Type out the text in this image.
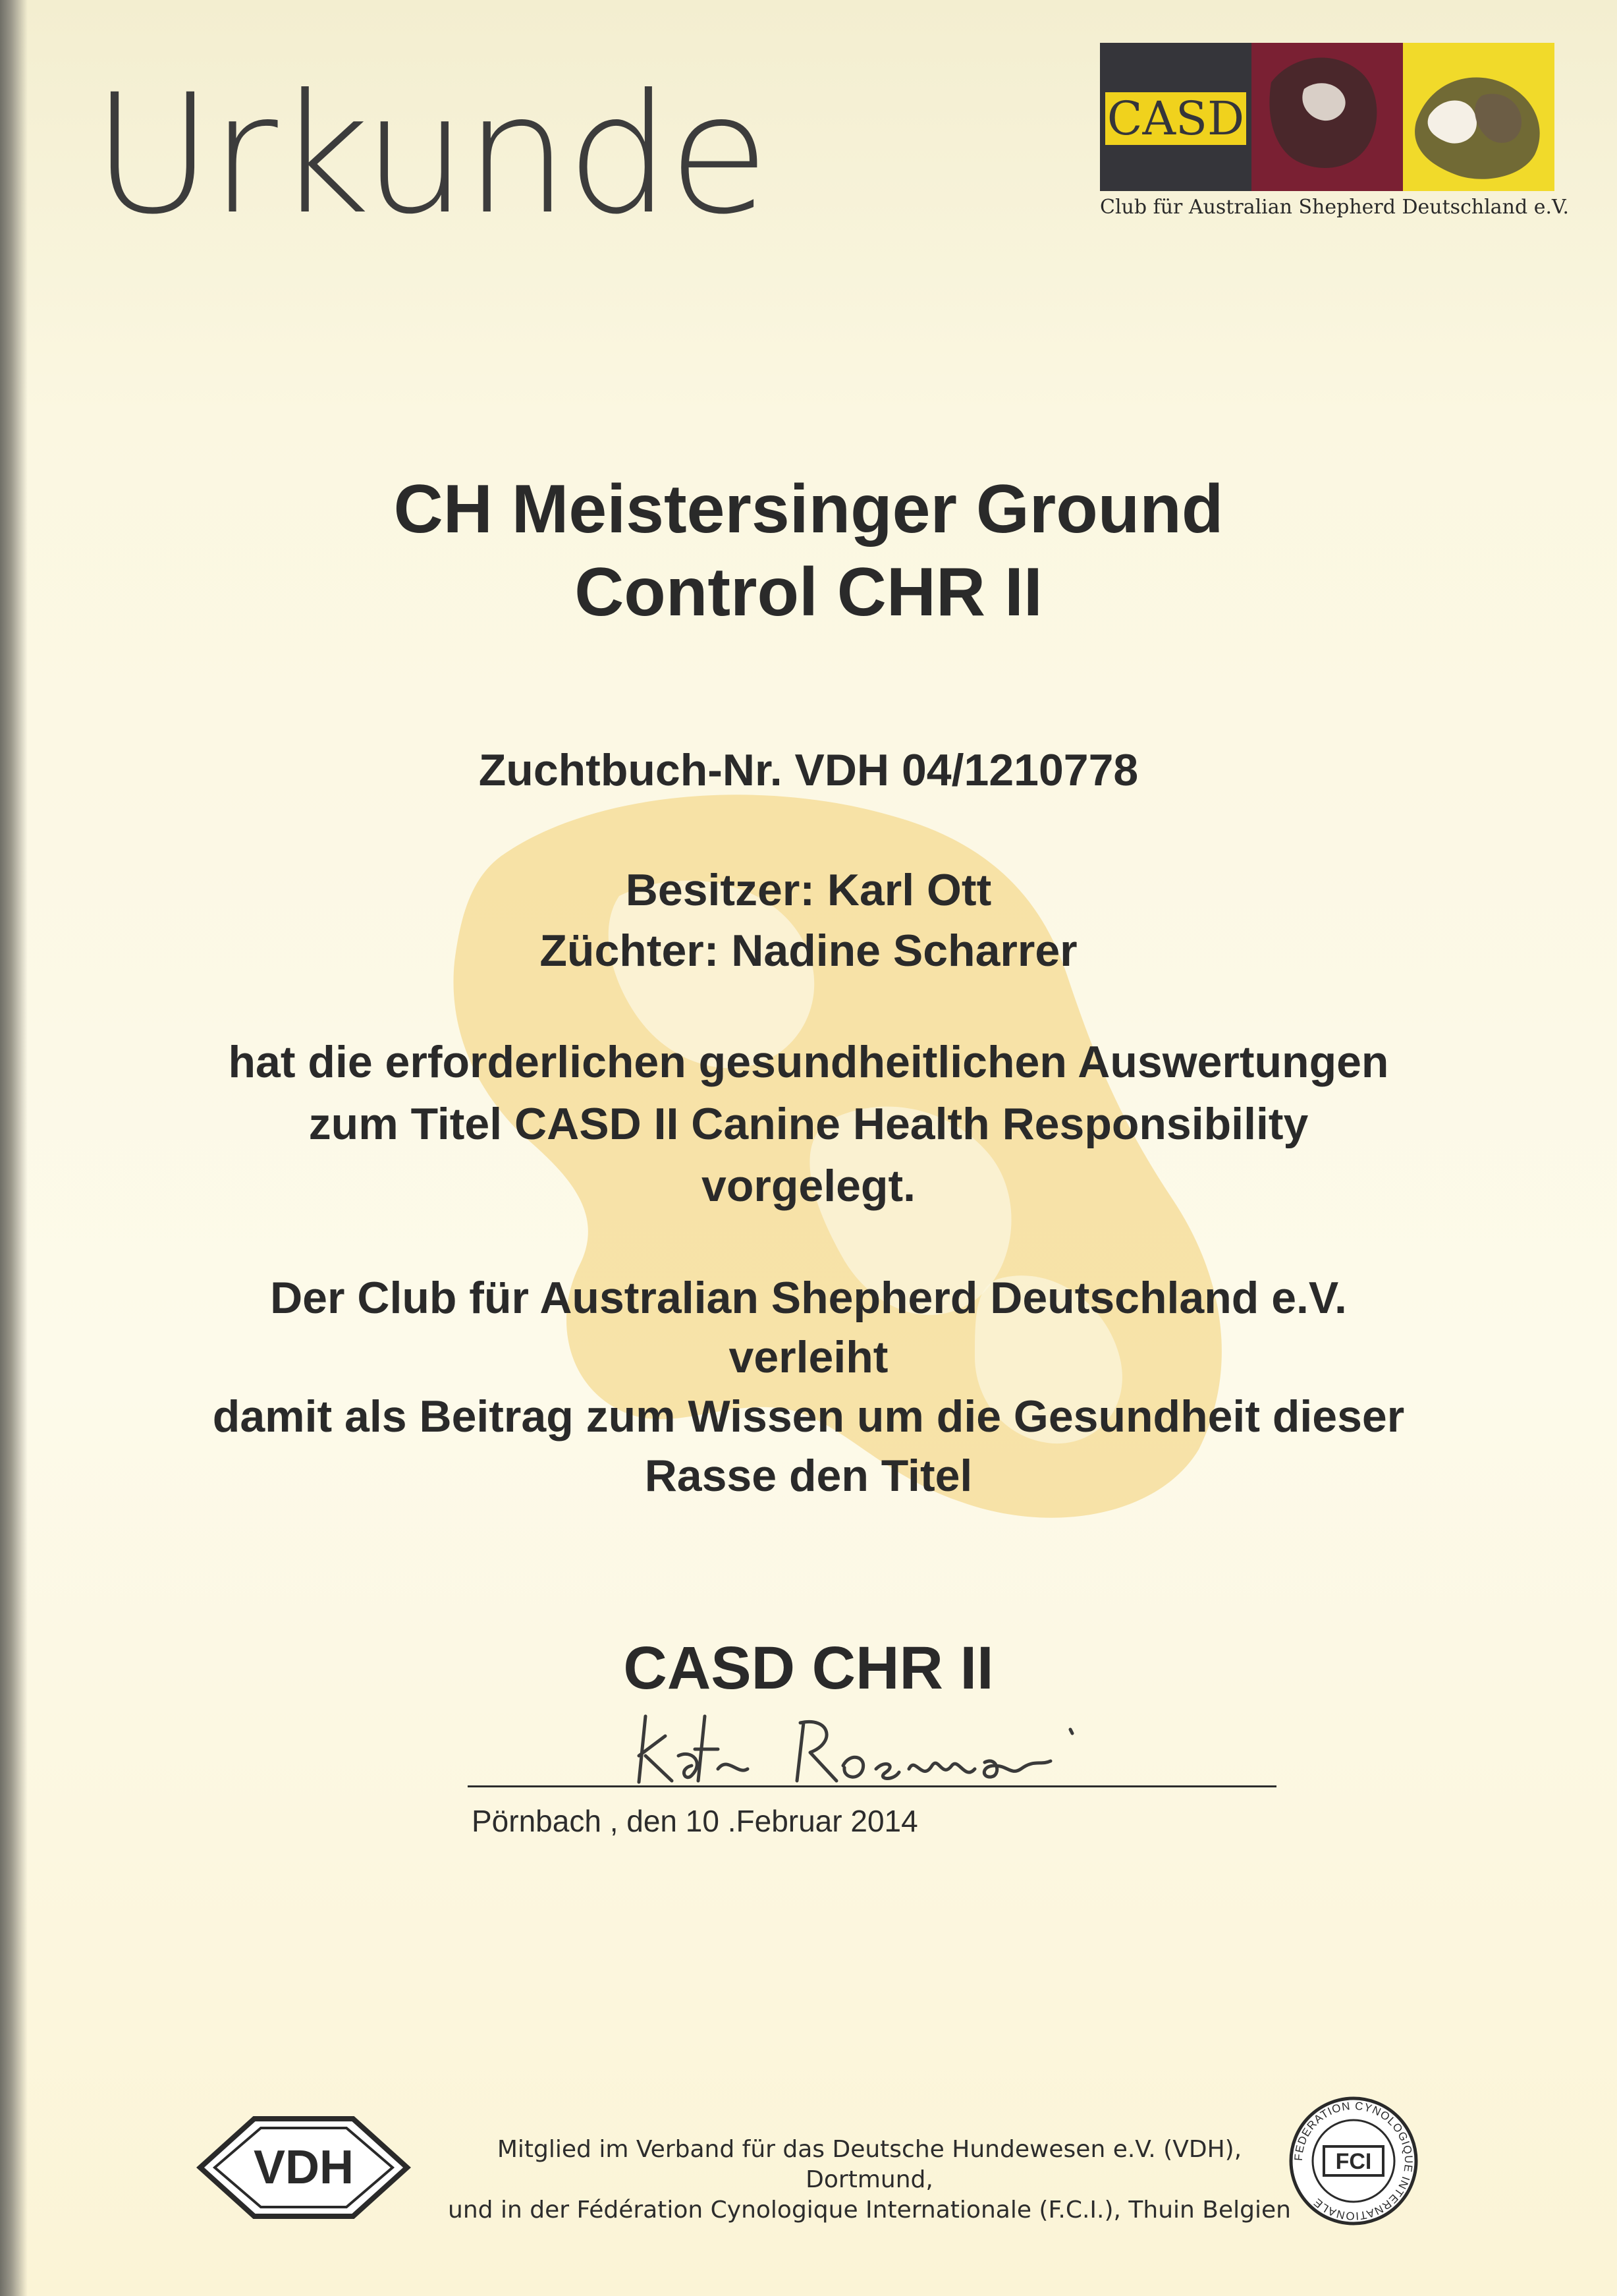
Urkunde	CASD
Club für Australian Shepherd Deutschland e.V.
CH Meistersinger Ground
Control CHR II
Zuchtbuch-Nr. VDH 04/1210778
Besitzer: Karl Ott
Züchter: Nadine Scharrer
hat die erforderlichen gesundheitlichen Auswertungen
zum Titel CASD II Canine Health Responsibility
vorgelegt.
Der Club für Australian Shepherd Deutschland e.V.
verleiht
damit als Beitrag zum Wissen um die Gesundheit dieser
Rasse den Titel
CASD CHR II
Pörnbach , den 10 .Februar 2014
VDH	Mitglied im Verband für das Deutsche Hundewesen e.V. (VDH), Dortmund,
und in der Fédération Cynologique Internationale (F.C.I.), Thuin Belgien
FEDERATION CYNOLOGIQUE INTERNATIONALE
FCI
